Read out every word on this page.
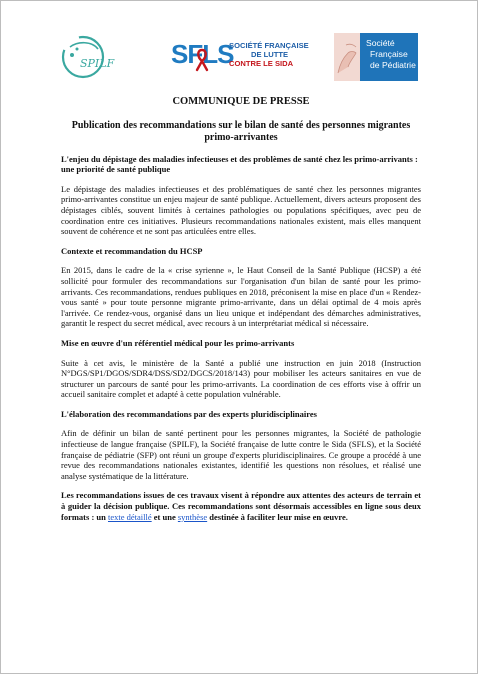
SPILF SFLS
SOCIÉTÉ FRANÇAISE
DE LUTTE
CONTRE LE SIDA
Société
Française
de Pédiatrie
COMMUNIQUE DE PRESSE
Publication des recommandations sur le bilan de santé des personnes migrantes primo-arrivantes
L'enjeu du dépistage des maladies infectieuses et des problèmes de santé chez les primo-arrivants : une priorité de santé publique
Le dépistage des maladies infectieuses et des problématiques de santé chez les personnes migrantes primo-arrivantes constitue un enjeu majeur de santé publique. Actuellement, divers acteurs proposent des dépistages ciblés, souvent limités à certaines pathologies ou populations spécifiques, avec peu de coordination entre ces initiatives. Plusieurs recommandations nationales existent, mais elles manquent souvent de cohérence et ne sont pas articulées entre elles.
Contexte et recommandation du HCSP
En 2015, dans le cadre de la « crise syrienne », le Haut Conseil de la Santé Publique (HCSP) a été sollicité pour formuler des recommandations sur l'organisation d'un bilan de santé pour les primo-arrivants. Ces recommandations, rendues publiques en 2018, préconisent la mise en place d'un « Rendez-vous santé » pour toute personne migrante primo-arrivante, dans un délai optimal de 4 mois après l'arrivée. Ce rendez-vous, organisé dans un lieu unique et indépendant des démarches administratives, garantit le respect du secret médical, avec recours à un interprétariat médical si nécessaire.
Mise en œuvre d'un référentiel médical pour les primo-arrivants
Suite à cet avis, le ministère de la Santé a publié une instruction en juin 2018 (Instruction N°DGS/SP1/DGOS/SDR4/DSS/SD2/DGCS/2018/143) pour mobiliser les acteurs sanitaires en vue de structurer un parcours de santé pour les primo-arrivants. La coordination de ces efforts vise à offrir un accueil sanitaire complet et adapté à cette population vulnérable.
L'élaboration des recommandations par des experts pluridisciplinaires
Afin de définir un bilan de santé pertinent pour les personnes migrantes, la Société de pathologie infectieuse de langue française (SPILF), la Société française de lutte contre le Sida (SFLS), et la Société française de pédiatrie (SFP) ont réuni un groupe d'experts pluridisciplinaires. Ce groupe a procédé à une revue des recommandations nationales existantes, identifié les questions non résolues, et réalisé une analyse systématique de la littérature.
Les recommandations issues de ces travaux visent à répondre aux attentes des acteurs de terrain et à guider la décision publique. Ces recommandations sont désormais accessibles en ligne sous deux formats : un texte détaillé et une synthèse destinée à faciliter leur mise en œuvre.
